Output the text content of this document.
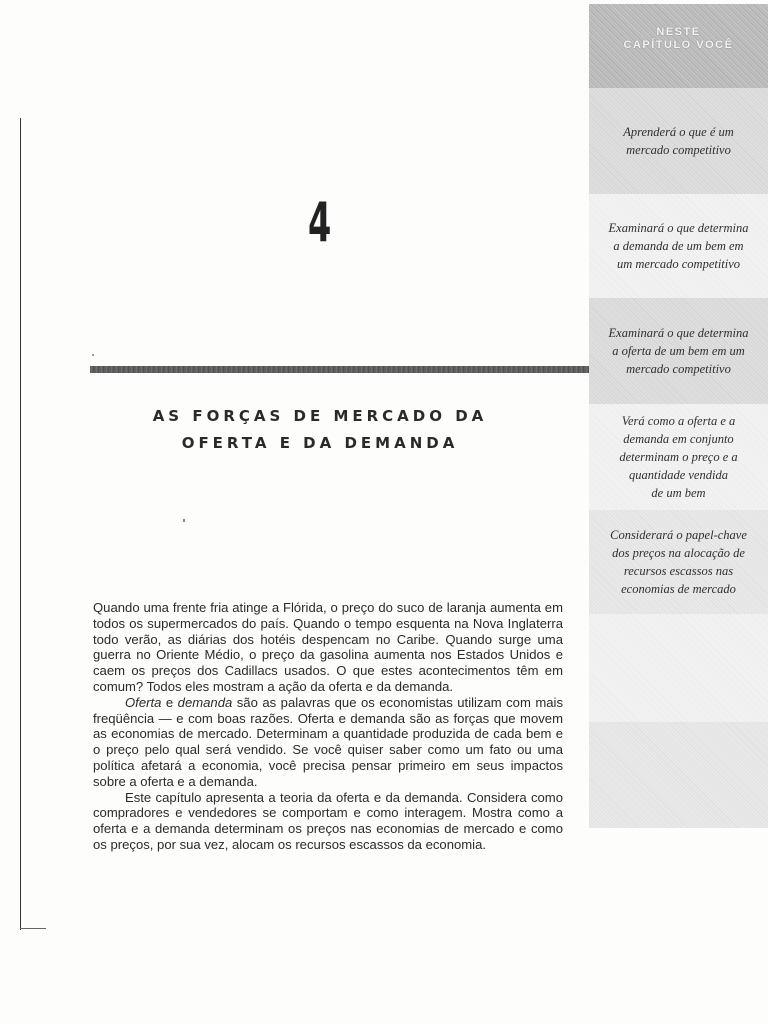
4
AS FORÇAS DE MERCADO DA
OFERTA E DA DEMANDA

Quando uma frente fria atinge a Flórida, o preço do suco de laranja aumenta em todos os supermercados do país. Quando o tempo esquenta na Nova Inglaterra todo verão, as diárias dos hotéis despencam no Caribe. Quando surge uma guerra no Oriente Médio, o preço da gasolina aumenta nos Estados Unidos e caem os preços dos Cadillacs usados. O que estes acontecimentos têm em comum? Todos eles mostram a ação da oferta e da demanda.

Oferta e demanda são as palavras que os economistas utilizam com mais freqüência — e com boas razões. Oferta e demanda são as forças que movem as economias de mercado. Determinam a quantidade produzida de cada bem e o preço pelo qual será vendido. Se você quiser saber como um fato ou uma política afetará a economia, você precisa pensar primeiro em seus impactos sobre a oferta e a demanda.

Este capítulo apresenta a teoria da oferta e da demanda. Considera como compradores e vendedores se comportam e como interagem. Mostra como a oferta e a demanda determinam os preços nas economias de mercado e como os preços, por sua vez, alocam os recursos escassos da economia.

NESTE
CAPÍTULO VOCÊ
Aprenderá o que é um
mercado competitivo
Examinará o que determina
a demanda de um bem em
um mercado competitivo
Examinará o que determina
a oferta de um bem em um
mercado competitivo
Verá como a oferta e a
demanda em conjunto
determinam o preço e a
quantidade vendida
de um bem
Considerará o papel-chave
dos preços na alocação de
recursos escassos nas
economias de mercado
